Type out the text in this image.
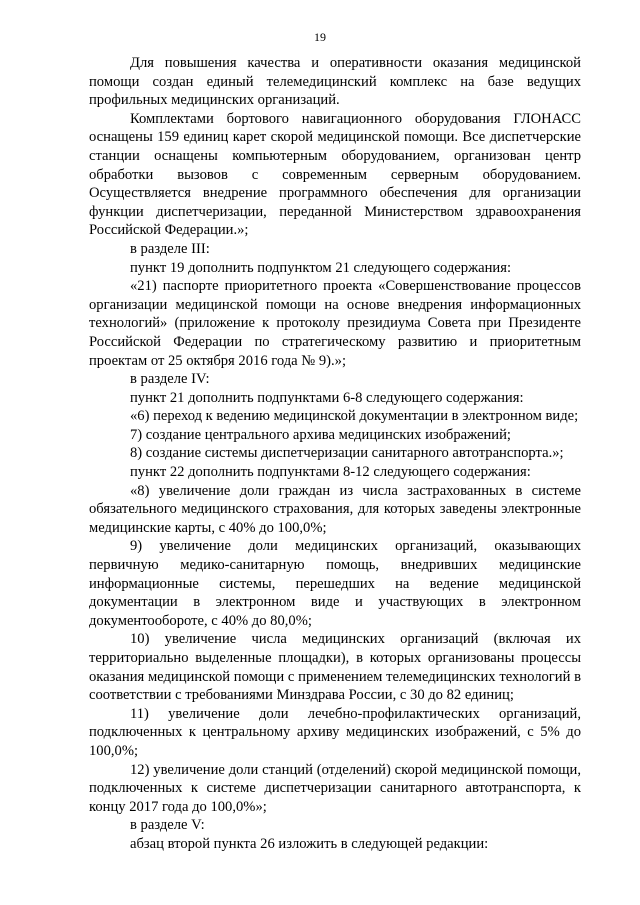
19

Для повышения качества и оперативности оказания медицинской помощи создан единый телемедицинский комплекс на базе ведущих профильных медицинских организаций.

Комплектами бортового навигационного оборудования ГЛОНАСС оснащены 159 единиц карет скорой медицинской помощи. Все диспетчерские станции оснащены компьютерным оборудованием, организован центр обработки вызовов с современным серверным оборудованием. Осуществляется внедрение программного обеспечения для организации функции диспетчеризации, переданной Министерством здравоохранения Российской Федерации.»;

в разделе III:

пункт 19 дополнить подпунктом 21 следующего содержания:

«21) паспорте приоритетного проекта «Совершенствование процессов организации медицинской помощи на основе внедрения информационных технологий» (приложение к протоколу президиума Совета при Президенте Российской Федерации по стратегическому развитию и приоритетным проектам от 25 октября 2016 года № 9).»;

в разделе IV:

пункт 21 дополнить подпунктами 6-8 следующего содержания:

«6) переход к ведению медицинской документации в электронном виде;

7) создание центрального архива медицинских изображений;

8) создание системы диспетчеризации санитарного автотранспорта.»;

пункт 22 дополнить подпунктами 8-12 следующего содержания:

«8) увеличение доли граждан из числа застрахованных в системе обязательного медицинского страхования, для которых заведены электронные медицинские карты, с 40% до 100,0%;

9) увеличение доли медицинских организаций, оказывающих первичную медико-санитарную помощь, внедривших медицинские информационные системы, перешедших на ведение медицинской документации в электронном виде и участвующих в электронном документообороте, с 40% до 80,0%;

10) увеличение числа медицинских организаций (включая их территориально выделенные площадки), в которых организованы процессы оказания медицинской помощи с применением телемедицинских технологий в соответствии с требованиями Минздрава России, с 30 до 82 единиц;

11) увеличение доли лечебно-профилактических организаций, подключенных к центральному архиву медицинских изображений, с 5% до 100,0%;

12) увеличение доли станций (отделений) скорой медицинской помощи, подключенных к системе диспетчеризации санитарного автотранспорта, к концу 2017 года до 100,0%»;

в разделе V:

абзац второй пункта 26 изложить в следующей редакции:
